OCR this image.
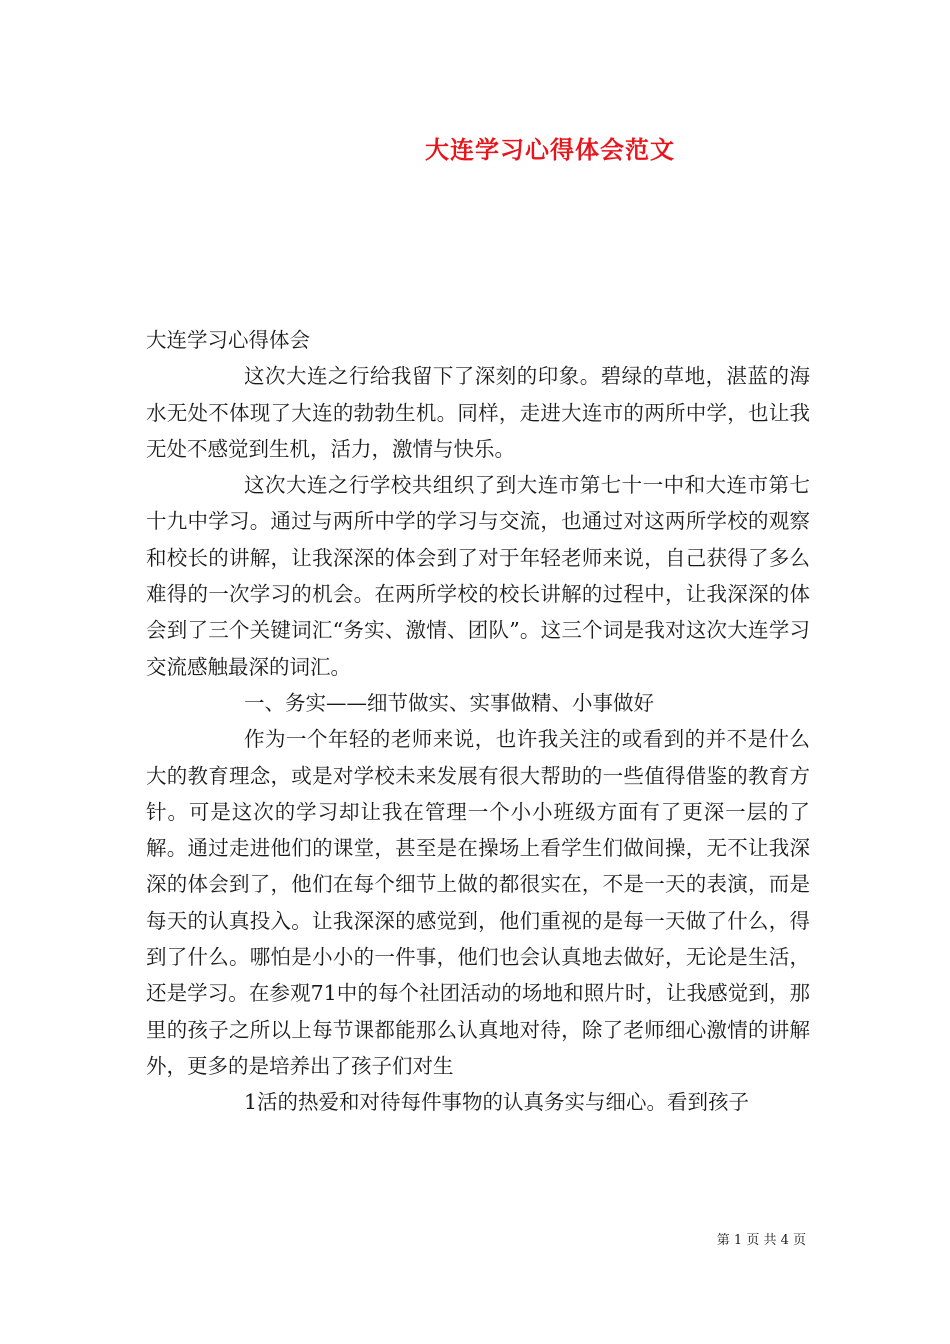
大连学习心得体会范文

大连学习心得体会

这次大连之行给我留下了深刻的印象。碧绿的草地，湛蓝的海水无处不体现了大连的勃勃生机。同样，走进大连市的两所中学，也让我无处不感觉到生机，活力，激情与快乐。

这次大连之行学校共组织了到大连市第七十一中和大连市第七十九中学习。通过与两所中学的学习与交流，也通过对这两所学校的观察和校长的讲解，让我深深的体会到了对于年轻老师来说，自己获得了多么难得的一次学习的机会。在两所学校的校长讲解的过程中，让我深深的体会到了三个关键词汇“务实、激情、团队”。这三个词是我对这次大连学习交流感触最深的词汇。

一、务实——细节做实、实事做精、小事做好

作为一个年轻的老师来说，也许我关注的或看到的并不是什么大的教育理念，或是对学校未来发展有很大帮助的一些值得借鉴的教育方针。可是这次的学习却让我在管理一个小小班级方面有了更深一层的了解。通过走进他们的课堂，甚至是在操场上看学生们做间操，无不让我深深的体会到了，他们在每个细节上做的都很实在，不是一天的表演，而是每天的认真投入。让我深深的感觉到，他们重视的是每一天做了什么，得到了什么。哪怕是小小的一件事，他们也会认真地去做好，无论是生活，还是学习。在参观71中的每个社团活动的场地和照片时，让我感觉到，那里的孩子之所以上每节课都能那么认真地对待，除了老师细心激情的讲解外，更多的是培养出了孩子们对生

1活的热爱和对待每件事物的认真务实与细心。看到孩子

第 1 页 共 4 页
